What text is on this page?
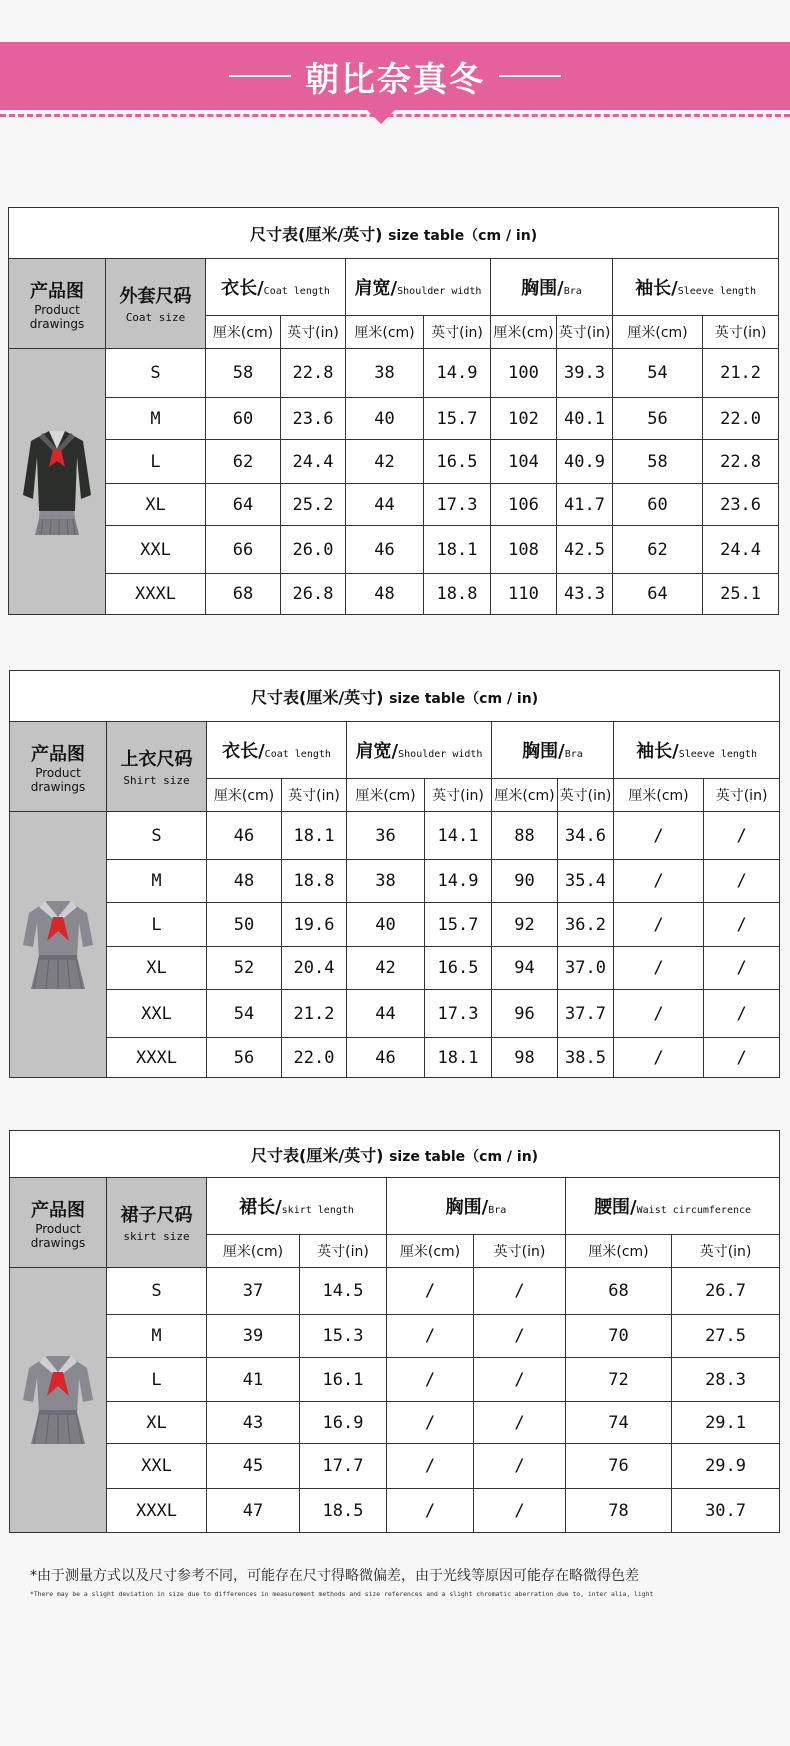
朝比奈真冬
尺寸表(厘米/英寸) size table（cm / in)									

产品图
Product
drawings	外套尺码
Coat size	衣长/Coat length		肩宽/Shoulder width		胸围/Bra		袖长/Sleeve length	
		厘米(cm)	英寸(in)	厘米(cm)	英寸(in)	厘米(cm)	英寸(in)	厘米(cm)	英寸(in)
	S	58	22.8	38	14.9	100	39.3	54	21.2
	M	60	23.6	40	15.7	102	40.1	56	22.0
	L	62	24.4	42	16.5	104	40.9	58	22.8
	XL	64	25.2	44	17.3	106	41.7	60	23.6
	XXL	66	26.0	46	18.1	108	42.5	62	24.4
	XXXL	68	26.8	48	18.8	110	43.3	64	25.1
尺寸表(厘米/英寸) size table（cm / in)									

产品图
Product
drawings	上衣尺码
Shirt size	衣长/Coat length		肩宽/Shoulder width		胸围/Bra		袖长/Sleeve length	
		厘米(cm)	英寸(in)	厘米(cm)	英寸(in)	厘米(cm)	英寸(in)	厘米(cm)	英寸(in)
	S	46	18.1	36	14.1	88	34.6	/	/
	M	48	18.8	38	14.9	90	35.4	/	/
	L	50	19.6	40	15.7	92	36.2	/	/
	XL	52	20.4	42	16.5	94	37.0	/	/
	XXL	54	21.2	44	17.3	96	37.7	/	/
	XXXL	56	22.0	46	18.1	98	38.5	/	/
尺寸表(厘米/英寸) size table（cm / in)							

产品图
Product
drawings	裙子尺码
skirt size	裙长/skirt length		胸围/Bra		腰围/Waist circumference	
		厘米(cm)	英寸(in)	厘米(cm)	英寸(in)	厘米(cm)	英寸(in)
	S	37	14.5	/	/	68	26.7
	M	39	15.3	/	/	70	27.5
	L	41	16.1	/	/	72	28.3
	XL	43	16.9	/	/	74	29.1
	XXL	45	17.7	/	/	76	29.9
	XXXL	47	18.5	/	/	78	30.7
*由于测量方式以及尺寸参考不同，可能存在尺寸得略微偏差，由于光线等原因可能存在略微得色差
*There may be a slight deviation in size due to differences in measurement methods and size references and a slight chromatic aberration due to, inter alia, light
